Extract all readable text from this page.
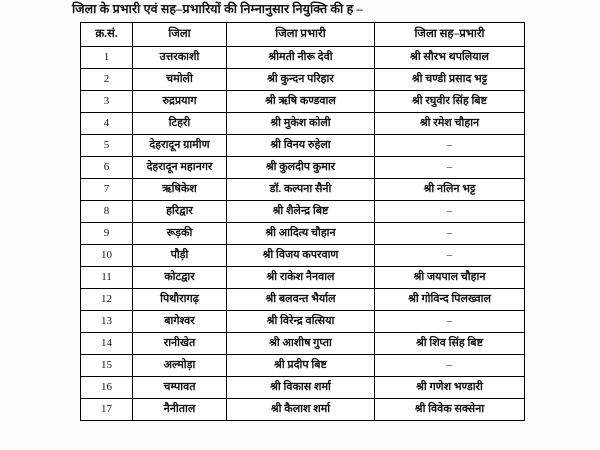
जिला के प्रभारी एवं सह–प्रभारियों की निम्नानुसार नियुक्ति की ह –
क्र.सं.	जिला	जिला प्रभारी	जिला सह–प्रभारी
1	उत्तरकाशी	श्रीमती नीरू देवी	श्री सौरभ थपलियाल
2	चमोली	श्री कुन्दन परिहार	श्री चण्डी प्रसाद भट्ट
3	रुद्रप्रयाग	श्री ऋषि कण्डवाल	श्री रघुवीर सिंह बिष्ट
4	टिहरी	श्री मुकेश कोली	श्री रमेश चौहान
5	देहरादून ग्रामीण	श्री विनय रुहेला	–
6	देहरादून महानगर	श्री कुलदीप कुमार	–
7	ऋषिकेश	डॉ. कल्पना सैनी	श्री नलिन भट्ट
8	हरिद्वार	श्री शैलेन्द्र बिष्ट	–
9	रूड़की	श्री आदित्य चौहान	–
10	पौड़ी	श्री विजय कपरवाण	–
11	कोटद्वार	श्री राकेश नैनवाल	श्री जयपाल चौहान
12	पिथौरागढ़	श्री बलवन्त भैर्याल	श्री गोविन्द पिलख्वाल
13	बागेश्वर	श्री विरेन्द्र वत्सिया	–
14	रानीखेत	श्री आशीष गुप्ता	श्री शिव सिंह बिष्ट
15	अल्मोड़ा	श्री प्रदीप बिष्ट	–
16	चम्पावत	श्री विकास शर्मा	श्री गणेश भण्डारी
17	नैनीताल	श्री कैलाश शर्मा	श्री विवेक सक्सेना
